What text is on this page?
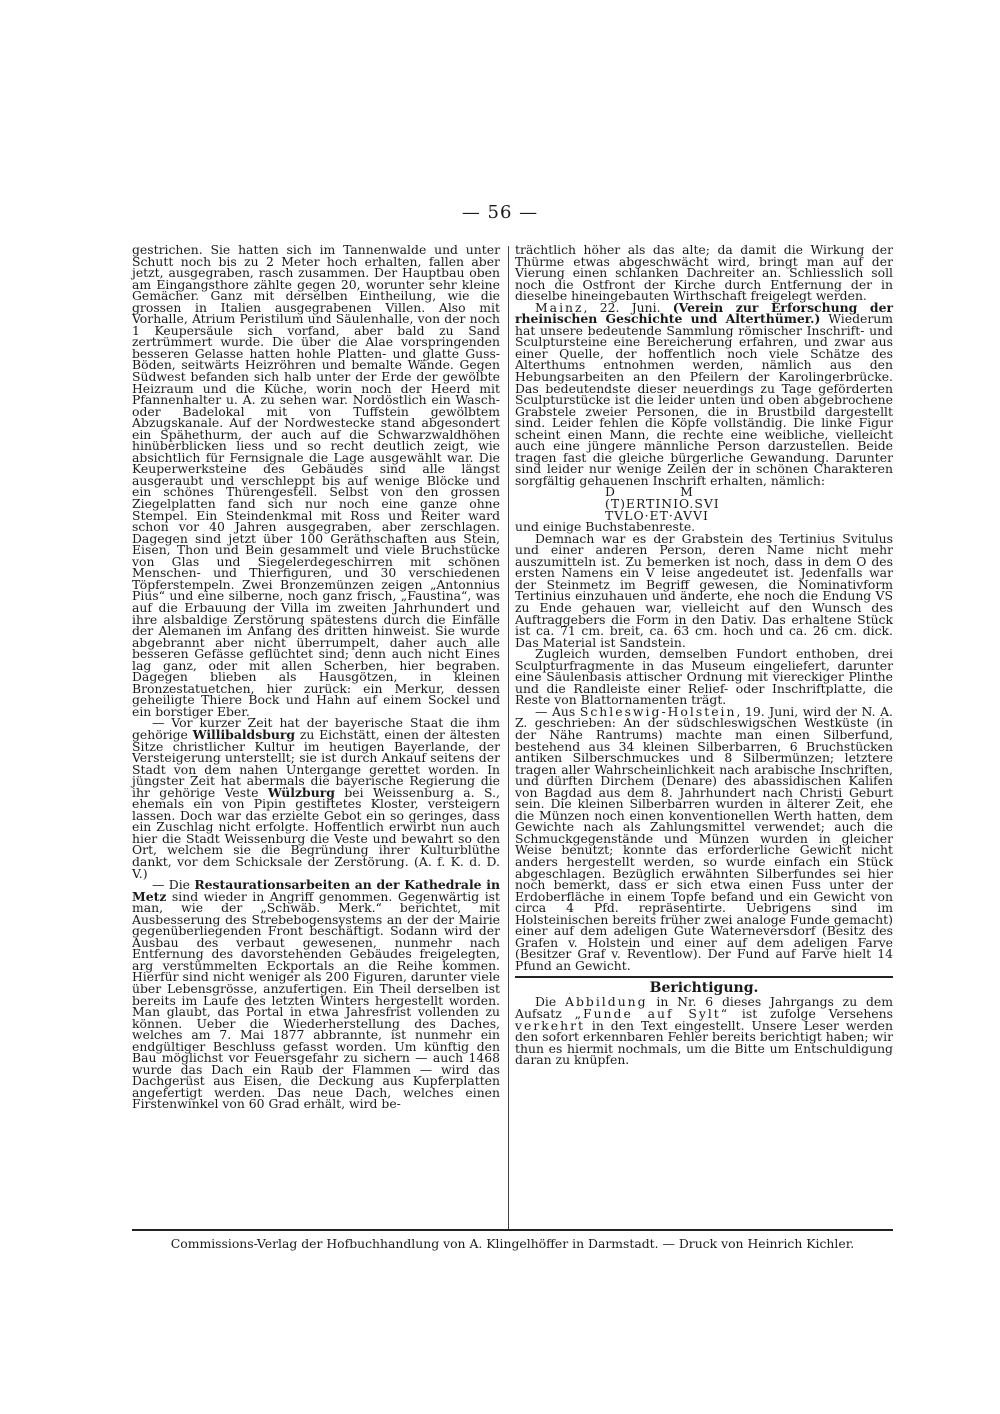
— 56 —

gestrichen. Sie hatten sich im Tannenwalde und unter Schutt noch bis zu 2 Meter hoch erhalten, fallen aber jetzt, ausgegraben, rasch zusammen. Der Hauptbau oben am Eingangsthore zählte gegen 20, worunter sehr kleine Gemächer. Ganz mit derselben Eintheilung, wie die grossen in Italien ausgegrabenen Villen. Also mit Vorhalle, Atrium Peristilum und Säulenhalle, von der noch 1 Keupersäule sich vorfand, aber bald zu Sand zertrümmert wurde. Die über die Alae vorspringenden besseren Gelasse hatten hohle Platten- und glatte Guss-Böden, seitwärts Heizröhren und bemalte Wände. Gegen Südwest befanden sich halb unter der Erde der gewölbte Heizraum und die Küche, worin noch der Heerd mit Pfannenhalter u. A. zu sehen war. Nordöstlich ein Wasch- oder Badelokal mit von Tuffstein gewölbtem Abzugskanale. Auf der Nordwestecke stand abgesondert ein Spähethurm, der auch auf die Schwarzwaldhöhen hinüberblicken liess und so recht deutlich zeigt, wie absichtlich für Fernsignale die Lage ausgewählt war. Die Keuperwerksteine des Gebäudes sind alle längst ausgeraubt und verschleppt bis auf wenige Blöcke und ein schönes Thürengestell. Selbst von den grossen Ziegelplatten fand sich nur noch eine ganze ohne Stempel. Ein Steindenkmal mit Ross und Reiter ward schon vor 40 Jahren ausgegraben, aber zerschlagen. Dagegen sind jetzt über 100 Geräthschaften aus Stein, Eisen, Thon und Bein gesammelt und viele Bruchstücke von Glas und Siegelerdegeschirren mit schönen Menschen- und Thierfiguren, und 30 verschiedenen Töpferstempeln. Zwei Bronzemünzen zeigen „Antonnius Pius“ und eine silberne, noch ganz frisch, „Faustina“, was auf die Erbauung der Villa im zweiten Jahrhundert und ihre alsbaldige Zerstörung spätestens durch die Einfälle der Alemanen im Anfang des dritten hinweist. Sie wurde abgebrannt aber nicht überrumpelt, daher auch alle besseren Gefässe geflüchtet sind; denn auch nicht Eines lag ganz, oder mit allen Scherben, hier begraben. Dagegen blieben als Hausgötzen, in kleinen Bronzestatuetchen, hier zurück: ein Merkur, dessen geheiligte Thiere Bock und Hahn auf einem Sockel und ein borstiger Eber.

— Vor kurzer Zeit hat der bayerische Staat die ihm gehörige Willibaldsburg zu Eichstätt, einen der ältesten Sitze christlicher Kultur im heutigen Bayerlande, der Versteigerung unterstellt; sie ist durch Ankauf seitens der Stadt von dem nahen Untergange gerettet worden. In jüngster Zeit hat abermals die bayerische Regierung die ihr gehörige Veste Wülzburg bei Weissenburg a. S., ehemals ein von Pipin gestiftetes Kloster, versteigern lassen. Doch war das erzielte Gebot ein so geringes, dass ein Zuschlag nicht erfolgte. Hoffentlich erwirbt nun auch hier die Stadt Weissenburg die Veste und bewahrt so den Ort, welchem sie die Begründung ihrer Kulturblüthe dankt, vor dem Schicksale der Zerstörung. (A. f. K. d. D. V.)

— Die Restaurationsarbeiten an der Kathedrale in Metz sind wieder in Angriff genommen. Gegenwärtig ist man, wie der „Schwäb. Merk.“ berichtet, mit Ausbesserung des Strebebogensystems an der der Mairie gegenüberliegenden Front beschäftigt. Sodann wird der Ausbau des verbaut gewesenen, nunmehr nach Entfernung des davorstehenden Gebäudes freigelegten, arg verstümmelten Eckportals an die Reihe kommen. Hierfür sind nicht weniger als 200 Figuren, darunter viele über Lebensgrösse, anzufertigen. Ein Theil derselben ist bereits im Laufe des letzten Winters hergestellt worden. Man glaubt, das Portal in etwa Jahresfrist vollenden zu können. Ueber die Wiederherstellung des Daches, welches am 7. Mai 1877 abbrannte, ist nunmehr ein endgültiger Beschluss gefasst worden. Um künftig den Bau möglichst vor Feuersgefahr zu sichern — auch 1468 wurde das Dach ein Raub der Flammen — wird das Dachgerüst aus Eisen, die Deckung aus Kupferplatten angefertigt werden. Das neue Dach, welches einen Firstenwinkel von 60 Grad erhält, wird be-

trächtlich höher als das alte; da damit die Wirkung der Thürme etwas abgeschwächt wird, bringt man auf der Vierung einen schlanken Dachreiter an. Schliesslich soll noch die Ostfront der Kirche durch Entfernung der in dieselbe hineingebauten Wirthschaft freigelegt werden.

Mainz, 22. Juni. (Verein zur Erforschung der rheinischen Geschichte und Alterthümer.) Wiederum hat unsere bedeutende Sammlung römischer Inschrift- und Sculptursteine eine Bereicherung erfahren, und zwar aus einer Quelle, der hoffentlich noch viele Schätze des Alterthums entnohmen werden, nämlich aus den Hebungsarbeiten an den Pfeilern der Karolingerbrücke. Das bedeutendste dieser neuerdings zu Tage geförderten Sculpturstücke ist die leider unten und oben abgebrochene Grabstele zweier Personen, die in Brustbild dargestellt sind. Leider fehlen die Köpfe vollständig. Die linke Figur scheint einen Mann, die rechte eine weibliche, vielleicht auch eine jüngere männliche Person darzustellen. Beide tragen fast die gleiche bürgerliche Gewandung. Darunter sind leider nur wenige Zeilen der in schönen Charakteren sorgfältig gehauenen Inschrift erhalten, nämlich:

D             M
(T)ERTINIO.SVI
TVLO·ET·AVVI

und einige Buchstabenreste.

Demnach war es der Grabstein des Tertinius Svitulus und einer anderen Person, deren Name nicht mehr auszumitteln ist. Zu bemerken ist noch, dass in dem O des ersten Namens ein V leise angedeutet ist. Jedenfalls war der Steinmetz im Begriff gewesen, die Nominativform Tertinius einzuhauen und änderte, ehe noch die Endung VS zu Ende gehauen war, vielleicht auf den Wunsch des Auftraggebers die Form in den Dativ. Das erhaltene Stück ist ca. 71 cm. breit, ca. 63 cm. hoch und ca. 26 cm. dick. Das Material ist Sandstein.

Zugleich wurden, demselben Fundort enthoben, drei Sculpturfragmente in das Museum eingeliefert, darunter eine Säulenbasis attischer Ordnung mit viereckiger Plinthe und die Randleiste einer Relief- oder Inschriftplatte, die Reste von Blattornamenten trägt.

— Aus Schleswig-Holstein, 19. Juni, wird der N. A. Z. geschrieben: An der südschleswigschen Westküste (in der Nähe Rantrums) machte man einen Silberfund, bestehend aus 34 kleinen Silberbarren, 6 Bruchstücken antiken Silberschmuckes und 8 Silbermünzen; letztere tragen aller Wahrscheinlichkeit nach arabische Inschriften, und dürften Dirchem (Denare) des abassidischen Kalifen von Bagdad aus dem 8. Jahrhundert nach Christi Geburt sein. Die kleinen Silberbarren wurden in älterer Zeit, ehe die Münzen noch einen konventionellen Werth hatten, dem Gewichte nach als Zahlungsmittel verwendet; auch die Schmuckgegenstände und Münzen wurden in gleicher Weise benutzt; konnte das erforderliche Gewicht nicht anders hergestellt werden, so wurde einfach ein Stück abgeschlagen. Bezüglich erwähnten Silberfundes sei hier noch bemerkt, dass er sich etwa einen Fuss unter der Erdoberfläche in einem Topfe befand und ein Gewicht von circa 4 Pfd. repräsentirte. Uebrigens sind im Holsteinischen bereits früher zwei analoge Funde gemacht) einer auf dem adeligen Gute Waterneversdorf (Besitz des Grafen v. Holstein und einer auf dem adeligen Farve (Besitzer Graf v. Reventlow). Der Fund auf Farve hielt 14 Pfund an Gewicht.

Berichtigung.

Die Abbildung in Nr. 6 dieses Jahrgangs zu dem Aufsatz „Funde auf Sylt“ ist zufolge Versehens verkehrt in den Text eingestellt. Unsere Leser werden den sofort erkennbaren Fehler bereits berichtigt haben; wir thun es hiermit nochmals, um die Bitte um Entschuldigung daran zu knüpfen.

Commissions-Verlag der Hofbuchhandlung von A. Klingelhöffer in Darmstadt. — Druck von Heinrich Kichler.
